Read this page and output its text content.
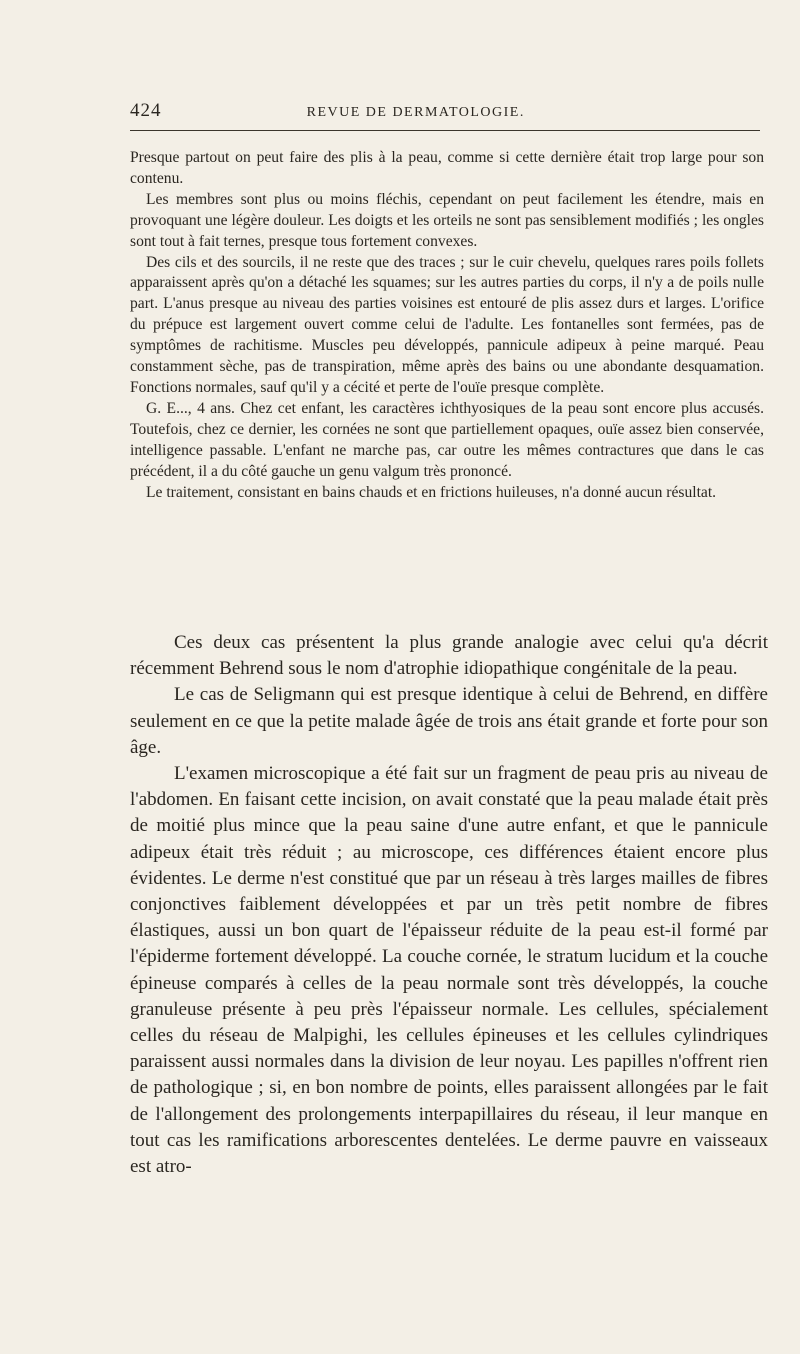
424	REVUE DE DERMATOLOGIE.

Presque partout on peut faire des plis à la peau, comme si cette dernière était trop large pour son contenu.

Les membres sont plus ou moins fléchis, cependant on peut facilement les étendre, mais en provoquant une légère douleur. Les doigts et les orteils ne sont pas sensiblement modifiés ; les ongles sont tout à fait ternes, presque tous fortement convexes.

Des cils et des sourcils, il ne reste que des traces ; sur le cuir chevelu, quelques rares poils follets apparaissent après qu'on a détaché les squames; sur les autres parties du corps, il n'y a de poils nulle part. L'anus presque au niveau des parties voisines est entouré de plis assez durs et larges. L'orifice du prépuce est largement ouvert comme celui de l'adulte. Les fontanelles sont fermées, pas de symptômes de rachitisme. Muscles peu développés, pannicule adipeux à peine marqué. Peau constamment sèche, pas de transpiration, même après des bains ou une abondante desquamation. Fonctions normales, sauf qu'il y a cécité et perte de l'ouïe presque complète.

G. E..., 4 ans. Chez cet enfant, les caractères ichthyosiques de la peau sont encore plus accusés. Toutefois, chez ce dernier, les cornées ne sont que partiellement opaques, ouïe assez bien conservée, intelligence passable. L'enfant ne marche pas, car outre les mêmes contractures que dans le cas précédent, il a du côté gauche un genu valgum très prononcé.

Le traitement, consistant en bains chauds et en frictions huileuses, n'a donné aucun résultat.

Ces deux cas présentent la plus grande analogie avec celui qu'a décrit récemment Behrend sous le nom d'atrophie idiopathique congénitale de la peau.

Le cas de Seligmann qui est presque identique à celui de Behrend, en diffère seulement en ce que la petite malade âgée de trois ans était grande et forte pour son âge.

L'examen microscopique a été fait sur un fragment de peau pris au niveau de l'abdomen. En faisant cette incision, on avait constaté que la peau malade était près de moitié plus mince que la peau saine d'une autre enfant, et que le pannicule adipeux était très réduit ; au microscope, ces différences étaient encore plus évidentes. Le derme n'est constitué que par un réseau à très larges mailles de fibres conjonctives faiblement développées et par un très petit nombre de fibres élastiques, aussi un bon quart de l'épaisseur réduite de la peau est-il formé par l'épiderme fortement développé. La couche cornée, le stratum lucidum et la couche épineuse comparés à celles de la peau normale sont très développés, la couche granuleuse présente à peu près l'épaisseur normale. Les cellules, spécialement celles du réseau de Malpighi, les cellules épineuses et les cellules cylindriques paraissent aussi normales dans la division de leur noyau. Les papilles n'offrent rien de pathologique ; si, en bon nombre de points, elles paraissent allongées par le fait de l'allongement des prolongements interpapillaires du réseau, il leur manque en tout cas les ramifications arborescentes dentelées. Le derme pauvre en vaisseaux est atro-
